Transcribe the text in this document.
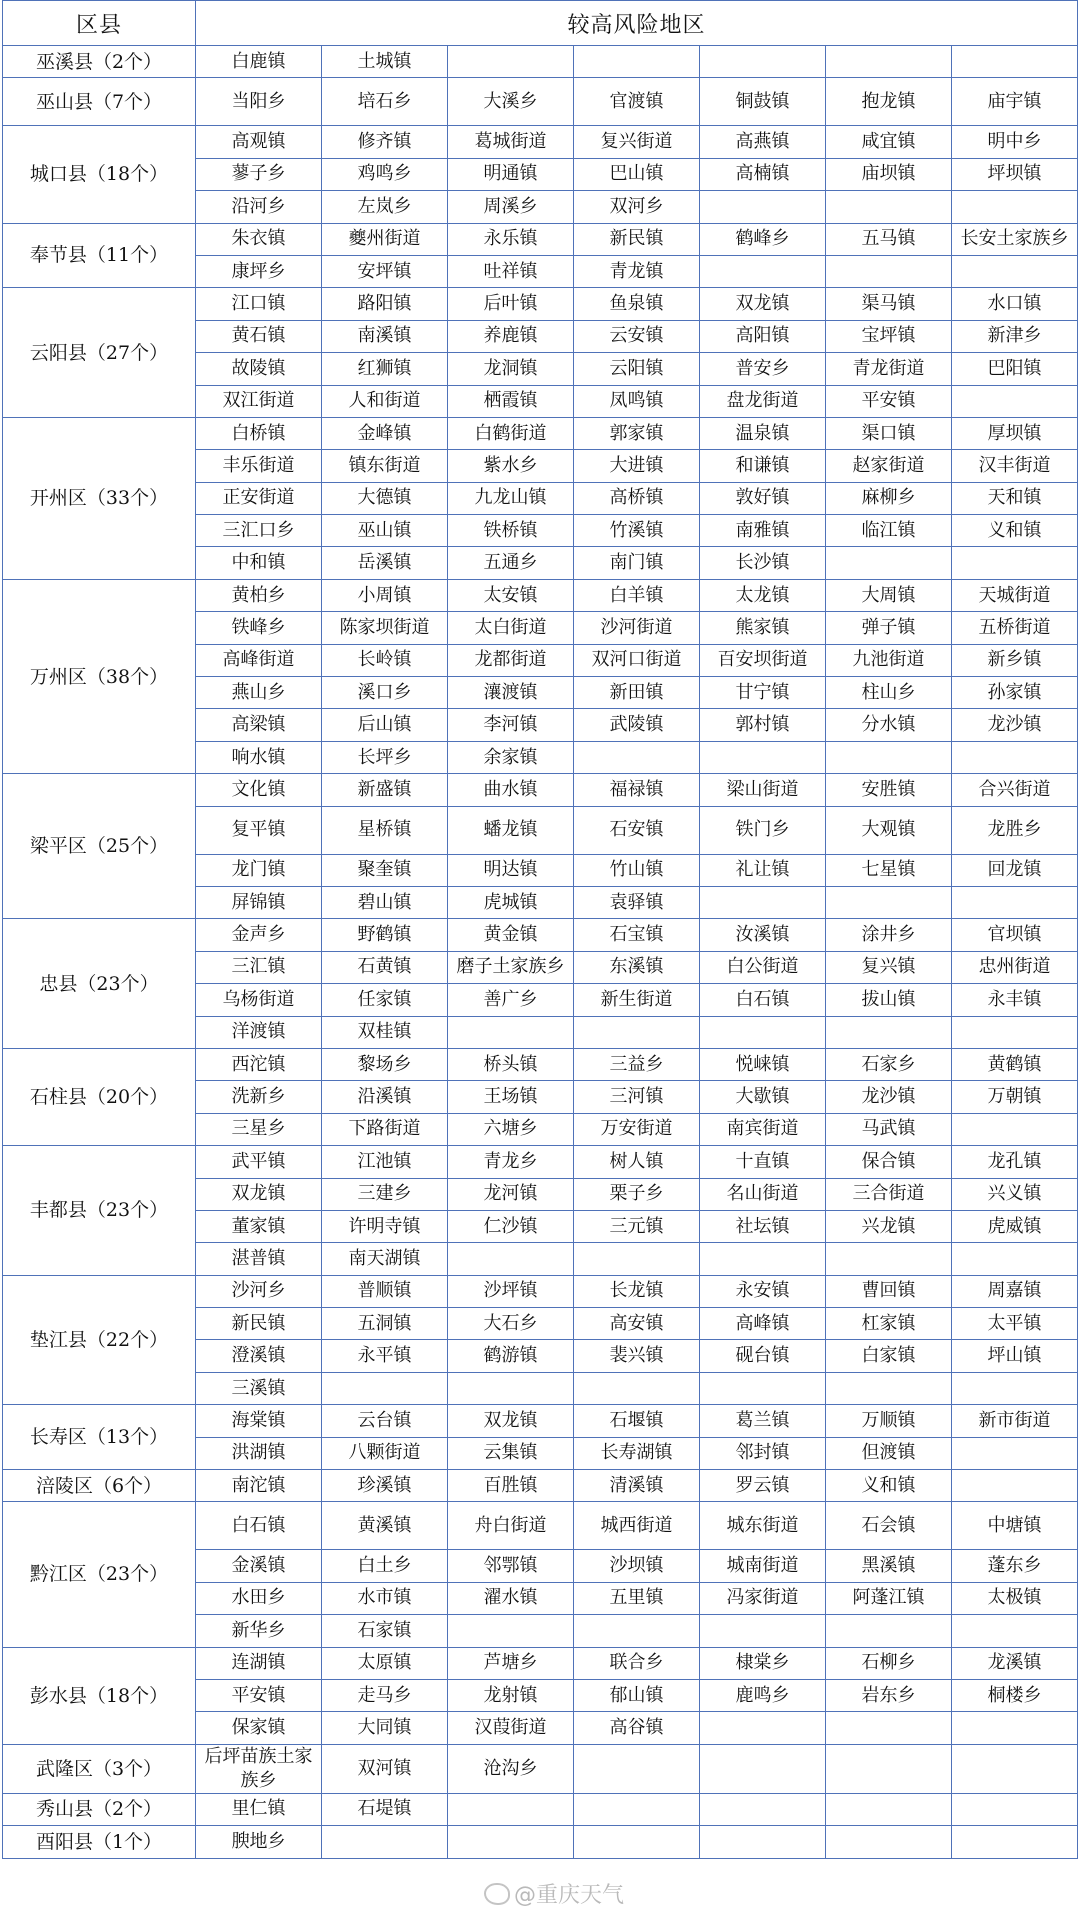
区县	较高风险地区						
巫溪县（2个）	白鹿镇	土城镇					
巫山县（7个）	当阳乡	培石乡	大溪乡	官渡镇	铜鼓镇	抱龙镇	庙宇镇
城口县（18个）	高观镇	修齐镇	葛城街道	复兴街道	高燕镇	咸宜镇	明中乡
	蓼子乡	鸡鸣乡	明通镇	巴山镇	高楠镇	庙坝镇	坪坝镇
	沿河乡	左岚乡	周溪乡	双河乡			
奉节县（11个）	朱衣镇	夔州街道	永乐镇	新民镇	鹤峰乡	五马镇	长安土家族乡
	康坪乡	安坪镇	吐祥镇	青龙镇			
云阳县（27个）	江口镇	路阳镇	后叶镇	鱼泉镇	双龙镇	渠马镇	水口镇
	黄石镇	南溪镇	养鹿镇	云安镇	高阳镇	宝坪镇	新津乡
	故陵镇	红狮镇	龙洞镇	云阳镇	普安乡	青龙街道	巴阳镇
	双江街道	人和街道	栖霞镇	凤鸣镇	盘龙街道	平安镇	
开州区（33个）	白桥镇	金峰镇	白鹤街道	郭家镇	温泉镇	渠口镇	厚坝镇
	丰乐街道	镇东街道	紫水乡	大进镇	和谦镇	赵家街道	汉丰街道
	正安街道	大德镇	九龙山镇	高桥镇	敦好镇	麻柳乡	天和镇
	三汇口乡	巫山镇	铁桥镇	竹溪镇	南雅镇	临江镇	义和镇
	中和镇	岳溪镇	五通乡	南门镇	长沙镇		
万州区（38个）	黄柏乡	小周镇	太安镇	白羊镇	太龙镇	大周镇	天城街道
	铁峰乡	陈家坝街道	太白街道	沙河街道	熊家镇	弹子镇	五桥街道
	高峰街道	长岭镇	龙都街道	双河口街道	百安坝街道	九池街道	新乡镇
	燕山乡	溪口乡	瀼渡镇	新田镇	甘宁镇	柱山乡	孙家镇
	高梁镇	后山镇	李河镇	武陵镇	郭村镇	分水镇	龙沙镇
	响水镇	长坪乡	余家镇				
梁平区（25个）	文化镇	新盛镇	曲水镇	福禄镇	梁山街道	安胜镇	合兴街道
	复平镇	星桥镇	蟠龙镇	石安镇	铁门乡	大观镇	龙胜乡
	龙门镇	聚奎镇	明达镇	竹山镇	礼让镇	七星镇	回龙镇
	屏锦镇	碧山镇	虎城镇	袁驿镇			
忠县（23个）	金声乡	野鹤镇	黄金镇	石宝镇	汝溪镇	涂井乡	官坝镇
	三汇镇	石黄镇	磨子土家族乡	东溪镇	白公街道	复兴镇	忠州街道
	乌杨街道	任家镇	善广乡	新生街道	白石镇	拔山镇	永丰镇
	洋渡镇	双桂镇					
石柱县（20个）	西沱镇	黎场乡	桥头镇	三益乡	悦崃镇	石家乡	黄鹤镇
	洗新乡	沿溪镇	王场镇	三河镇	大歇镇	龙沙镇	万朝镇
	三星乡	下路街道	六塘乡	万安街道	南宾街道	马武镇	
丰都县（23个）	武平镇	江池镇	青龙乡	树人镇	十直镇	保合镇	龙孔镇
	双龙镇	三建乡	龙河镇	栗子乡	名山街道	三合街道	兴义镇
	董家镇	许明寺镇	仁沙镇	三元镇	社坛镇	兴龙镇	虎威镇
	湛普镇	南天湖镇					
垫江县（22个）	沙河乡	普顺镇	沙坪镇	长龙镇	永安镇	曹回镇	周嘉镇
	新民镇	五洞镇	大石乡	高安镇	高峰镇	杠家镇	太平镇
	澄溪镇	永平镇	鹤游镇	裴兴镇	砚台镇	白家镇	坪山镇
	三溪镇						
长寿区（13个）	海棠镇	云台镇	双龙镇	石堰镇	葛兰镇	万顺镇	新市街道
	洪湖镇	八颗街道	云集镇	长寿湖镇	邻封镇	但渡镇	
涪陵区（6个）	南沱镇	珍溪镇	百胜镇	清溪镇	罗云镇	义和镇	
黔江区（23个）	白石镇	黄溪镇	舟白街道	城西街道	城东街道	石会镇	中塘镇
	金溪镇	白土乡	邻鄂镇	沙坝镇	城南街道	黑溪镇	蓬东乡
	水田乡	水市镇	濯水镇	五里镇	冯家街道	阿蓬江镇	太极镇
	新华乡	石家镇					
彭水县（18个）	连湖镇	太原镇	芦塘乡	联合乡	棣棠乡	石柳乡	龙溪镇
	平安镇	走马乡	龙射镇	郁山镇	鹿鸣乡	岩东乡	桐楼乡
	保家镇	大同镇	汉葭街道	高谷镇			
武隆区（3个）	后坪苗族土家族乡	双河镇	沧沟乡				
秀山县（2个）	里仁镇	石堤镇					
酉阳县（1个）	腴地乡						
@重庆天气
